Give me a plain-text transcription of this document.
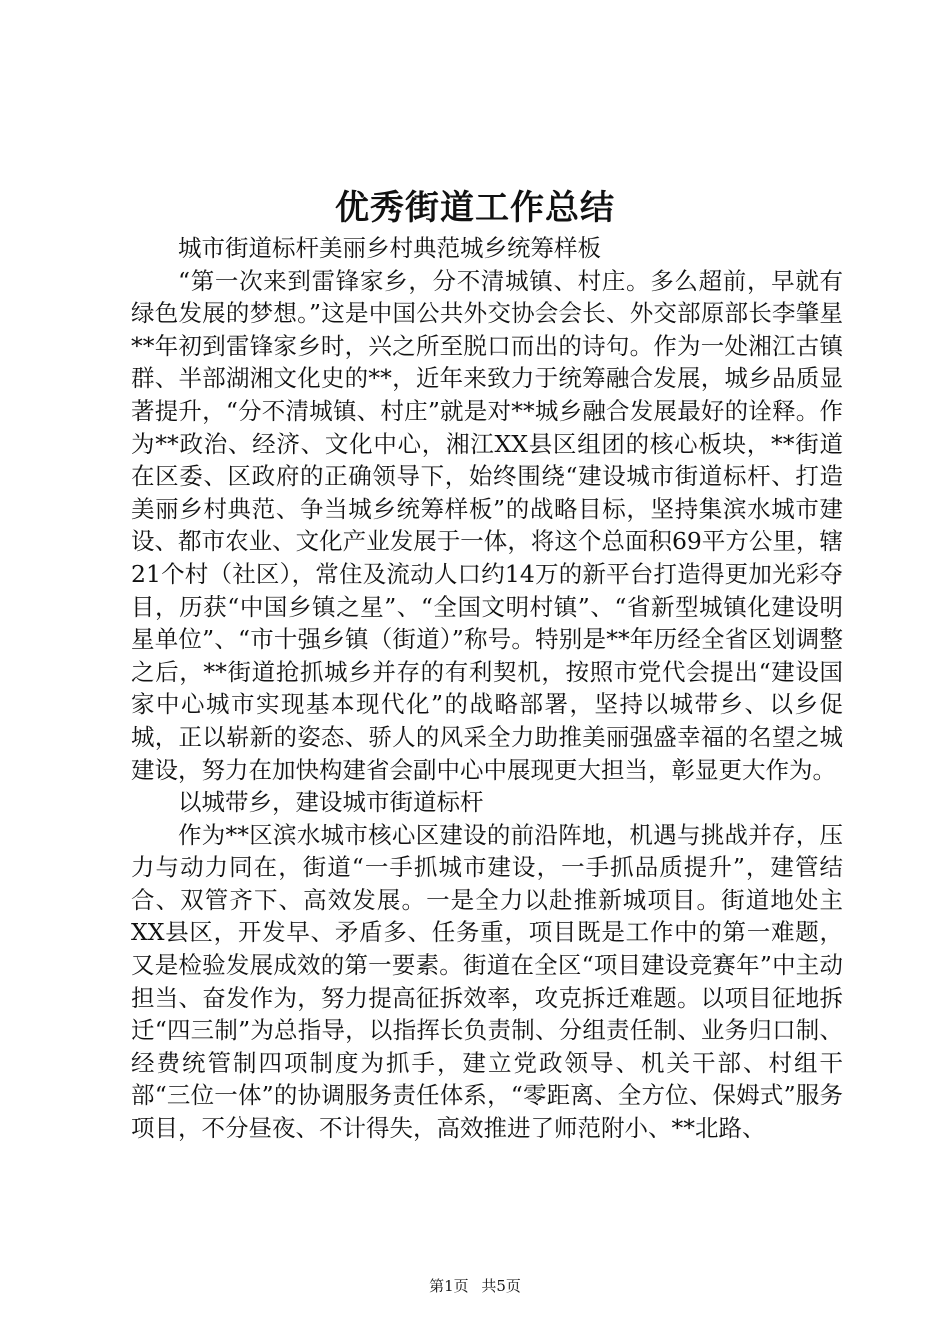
优秀街道工作总结

城市街道标杆美丽乡村典范城乡统筹样板

“第一次来到雷锋家乡，分不清城镇、村庄。多么超前，早就有绿色发展的梦想。”这是中国公共外交协会会长、外交部原部长李肇星**年初到雷锋家乡时，兴之所至脱口而出的诗句。作为一处湘江古镇群、半部湖湘文化史的**，近年来致力于统筹融合发展，城乡品质显著提升，“分不清城镇、村庄”就是对**城乡融合发展最好的诠释。作为**政治、经济、文化中心，湘江XX县区组团的核心板块，**街道在区委、区政府的正确领导下，始终围绕“建设城市街道标杆、打造美丽乡村典范、争当城乡统筹样板”的战略目标，坚持集滨水城市建设、都市农业、文化产业发展于一体，将这个总面积69平方公里，辖21个村（社区），常住及流动人口约14万的新平台打造得更加光彩夺目，历获“中国乡镇之星”、“全国文明村镇”、“省新型城镇化建设明星单位”、“市十强乡镇（街道）”称号。特别是**年历经全省区划调整之后，**街道抢抓城乡并存的有利契机，按照市党代会提出“建设国家中心城市实现基本现代化”的战略部署，坚持以城带乡、以乡促城，正以崭新的姿态、骄人的风采全力助推美丽强盛幸福的名望之城建设，努力在加快构建省会副中心中展现更大担当，彰显更大作为。

以城带乡，建设城市街道标杆

作为**区滨水城市核心区建设的前沿阵地，机遇与挑战并存，压力与动力同在，街道“一手抓城市建设，一手抓品质提升”，建管结合、双管齐下、高效发展。一是全力以赴推新城项目。街道地处主XX县区，开发早、矛盾多、任务重，项目既是工作中的第一难题，又是检验发展成效的第一要素。街道在全区“项目建设竞赛年”中主动担当、奋发作为，努力提高征拆效率，攻克拆迁难题。以项目征地拆迁“四三制”为总指导，以指挥长负责制、分组责任制、业务归口制、经费统管制四项制度为抓手，建立党政领导、机关干部、村组干部“三位一体”的协调服务责任体系，“零距离、全方位、保姆式”服务项目，不分昼夜、不计得失，高效推进了师范附小、**北路、

第1页 共5页
